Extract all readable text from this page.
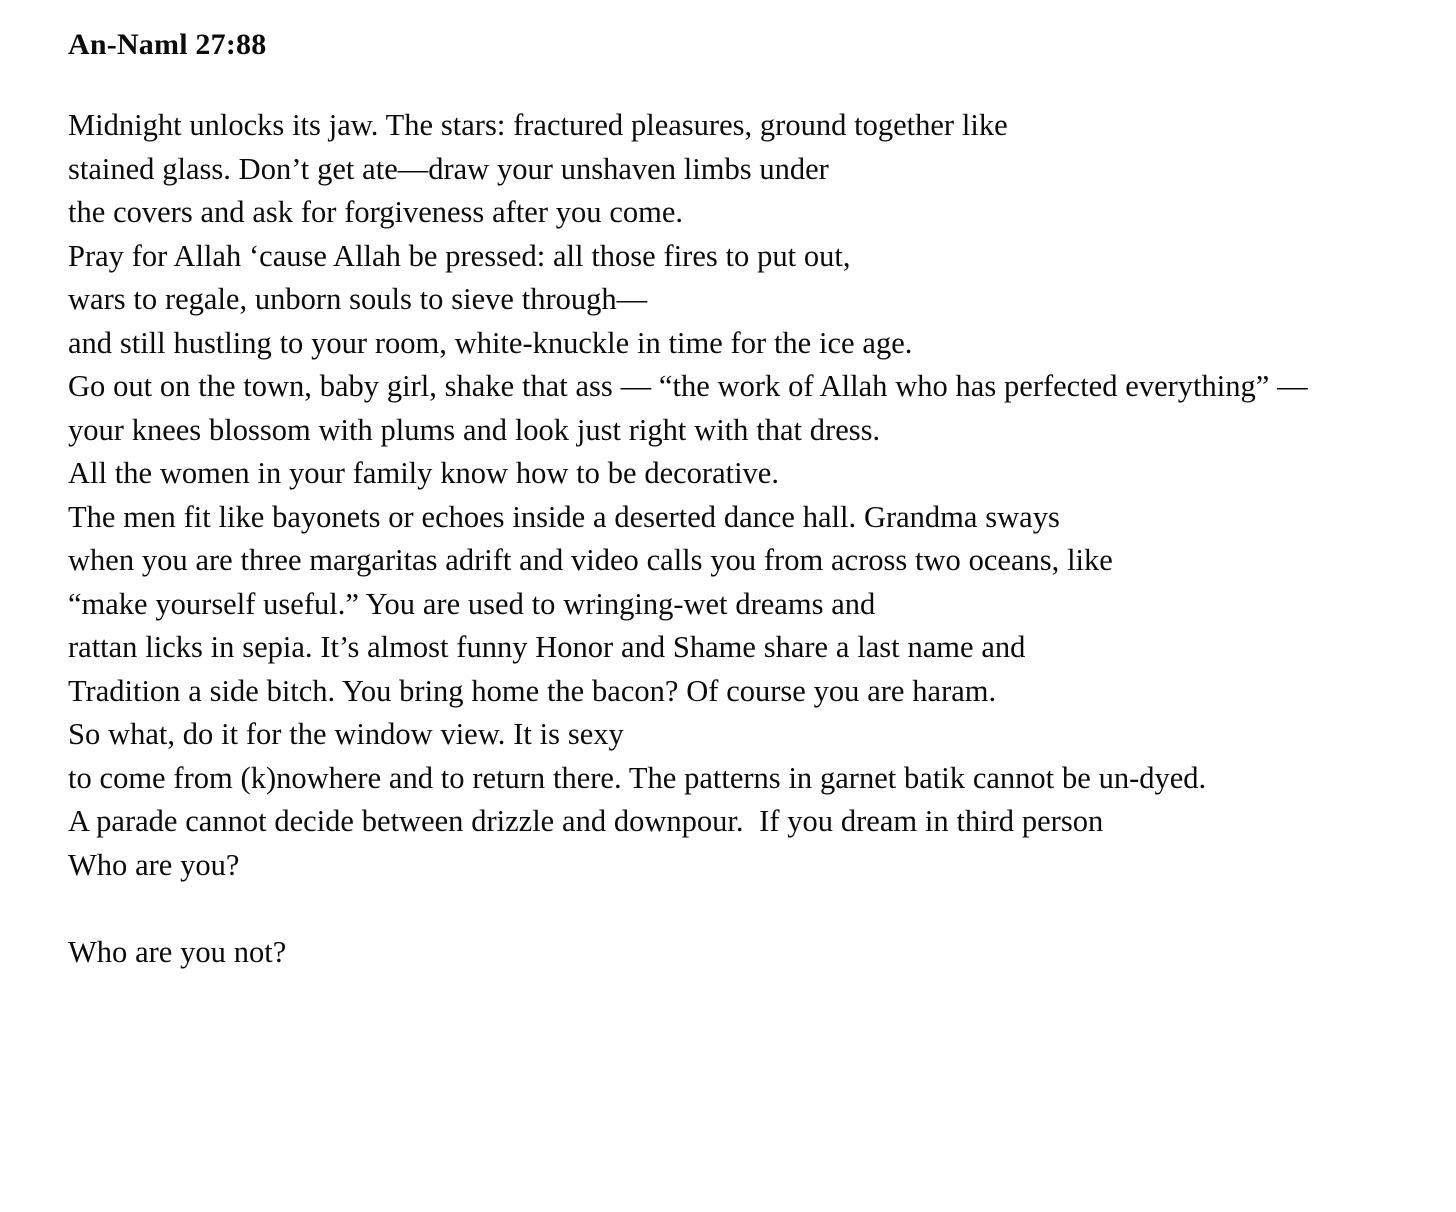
An-Naml 27:88
Midnight unlocks its jaw. The stars: fractured pleasures, ground together like
stained glass. Don’t get ate—draw your unshaven limbs under
the covers and ask for forgiveness after you come.
Pray for Allah ‘cause Allah be pressed: all those fires to put out,
wars to regale, unborn souls to sieve through—
and still hustling to your room, white-knuckle in time for the ice age.
Go out on the town, baby girl, shake that ass — “the work of Allah who has perfected everything” —
your knees blossom with plums and look just right with that dress.
All the women in your family know how to be decorative.
The men fit like bayonets or echoes inside a deserted dance hall. Grandma sways
when you are three margaritas adrift and video calls you from across two oceans, like
“make yourself useful.” You are used to wringing-wet dreams and
rattan licks in sepia. It’s almost funny Honor and Shame share a last name and
Tradition a side bitch. You bring home the bacon? Of course you are haram.
So what, do it for the window view. It is sexy
to come from (k)nowhere and to return there. The patterns in garnet batik cannot be un-dyed.
A parade cannot decide between drizzle and downpour.  If you dream in third person
Who are you?
Who are you not?
